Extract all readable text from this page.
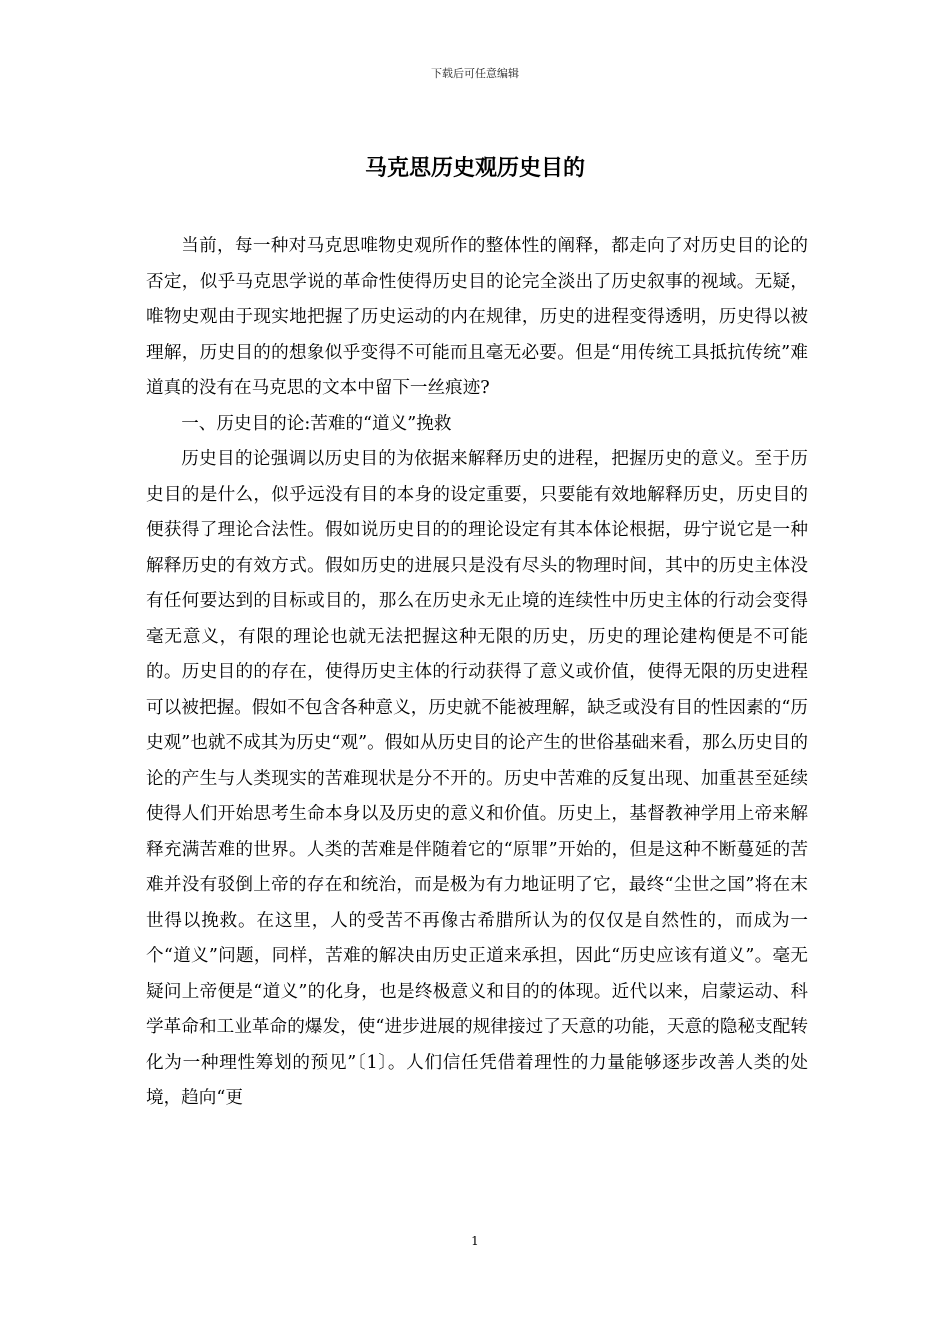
下载后可任意编辑
马克思历史观历史目的

当前，每一种对马克思唯物史观所作的整体性的阐释，都走向了对历史目的论的否定，似乎马克思学说的革命性使得历史目的论完全淡出了历史叙事的视域。无疑，唯物史观由于现实地把握了历史运动的内在规律，历史的进程变得透明，历史得以被理解，历史目的的想象似乎变得不可能而且毫无必要。但是“用传统工具抵抗传统”难道真的没有在马克思的文本中留下一丝痕迹?

一、历史目的论:苦难的“道义”挽救

历史目的论强调以历史目的为依据来解释历史的进程，把握历史的意义。至于历史目的是什么，似乎远没有目的本身的设定重要，只要能有效地解释历史，历史目的便获得了理论合法性。假如说历史目的的理论设定有其本体论根据，毋宁说它是一种解释历史的有效方式。假如历史的进展只是没有尽头的物理时间，其中的历史主体没有任何要达到的目标或目的，那么在历史永无止境的连续性中历史主体的行动会变得毫无意义，有限的理论也就无法把握这种无限的历史，历史的理论建构便是不可能的。历史目的的存在，使得历史主体的行动获得了意义或价值，使得无限的历史进程可以被把握。假如不包含各种意义，历史就不能被理解，缺乏或没有目的性因素的“历史观”也就不成其为历史“观”。假如从历史目的论产生的世俗基础来看，那么历史目的论的产生与人类现实的苦难现状是分不开的。历史中苦难的反复出现、加重甚至延续使得人们开始思考生命本身以及历史的意义和价值。历史上，基督教神学用上帝来解释充满苦难的世界。人类的苦难是伴随着它的“原罪”开始的，但是这种不断蔓延的苦难并没有驳倒上帝的存在和统治，而是极为有力地证明了它，最终“尘世之国”将在末世得以挽救。在这里，人的受苦不再像古希腊所认为的仅仅是自然性的，而成为一个“道义”问题，同样，苦难的解决由历史正道来承担，因此“历史应该有道义”。毫无疑问上帝便是“道义”的化身，也是终极意义和目的的体现。近代以来，启蒙运动、科学革命和工业革命的爆发，使“进步进展的规律接过了天意的功能，天意的隐秘支配转化为一种理性筹划的预见”〔1〕。人们信任凭借着理性的力量能够逐步改善人类的处境，趋向“更

1
